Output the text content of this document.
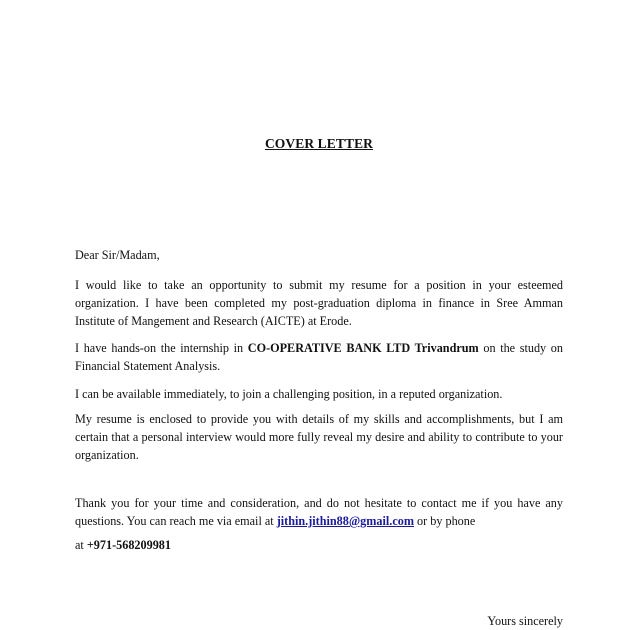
COVER LETTER

Dear Sir/Madam,

I would like to take an opportunity to submit my resume for a position in your esteemed organization. I have been completed my post-graduation diploma in finance in Sree Amman Institute of Mangement and Research (AICTE) at Erode.

I have hands-on the internship in CO-OPERATIVE BANK LTD Trivandrum on the study on Financial Statement Analysis.

I can be available immediately, to join a challenging position, in a reputed organization.

My resume is enclosed to provide you with details of my skills and accomplishments, but I am certain that a personal interview would more fully reveal my desire and ability to contribute to your organization.

Thank you for your time and consideration, and do not hesitate to contact me if you have any questions. You can reach me via email at jithin.jithin88@gmail.com or by phone

at +971-568209981

Yours sincerely
